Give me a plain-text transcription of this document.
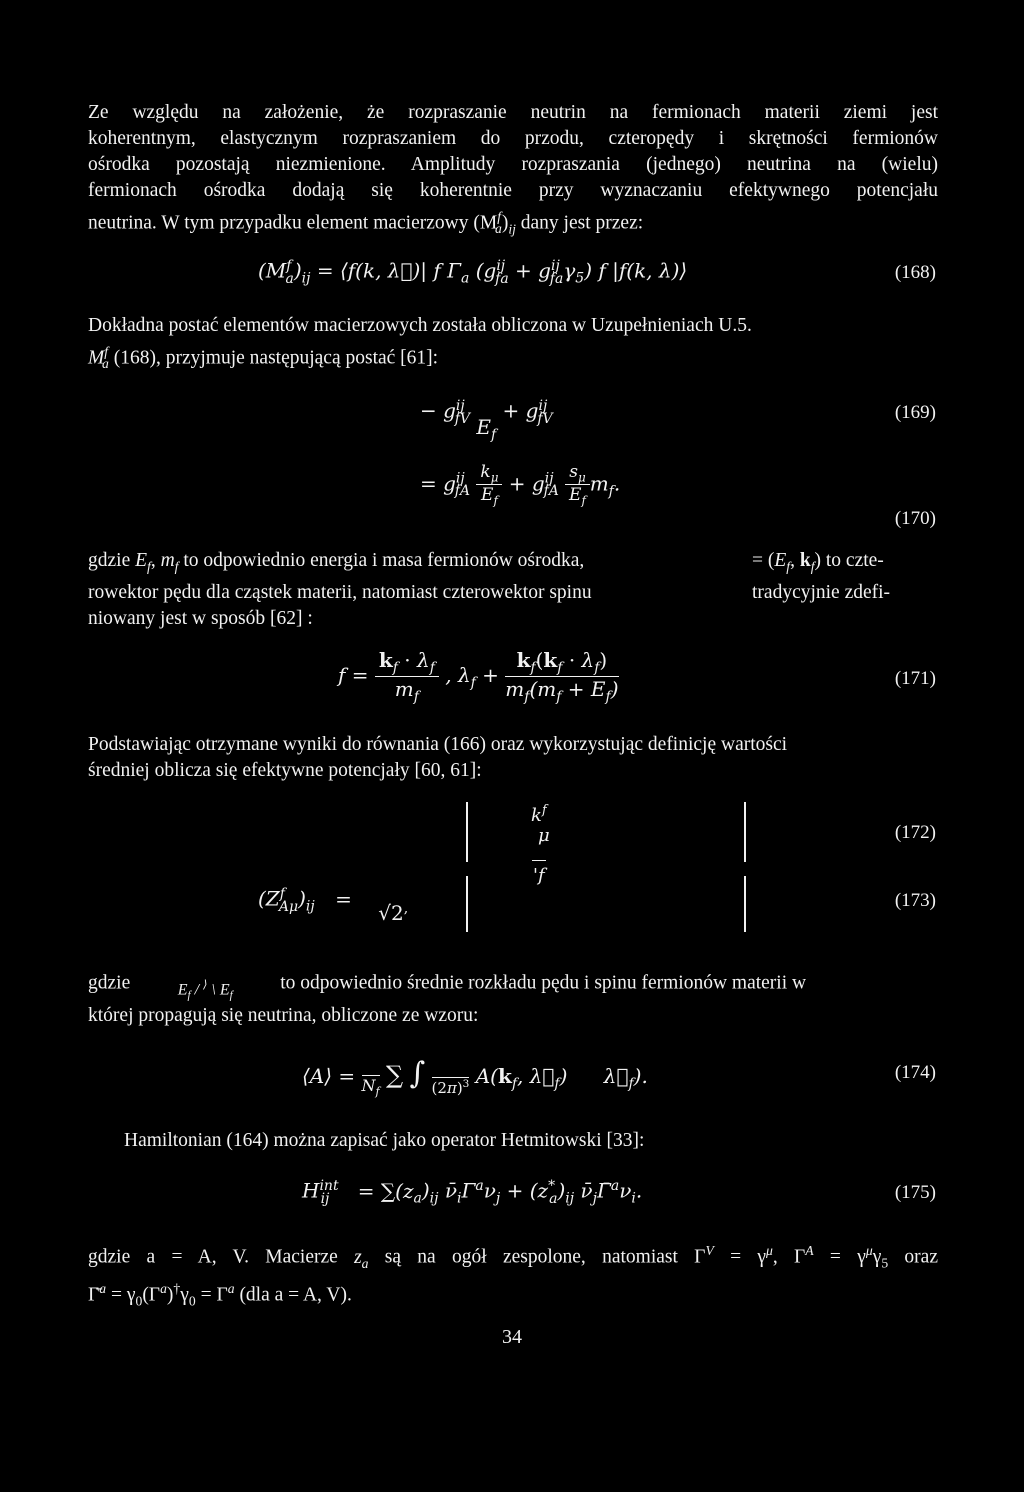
Ze względu na założenie, że rozpraszanie neutrin na fermionach materii ziemi jest
koherentnym, elastycznym rozpraszaniem do przodu, czteropędy i skrętności fermionów
ośrodka pozostają niezmienione. Amplitudy rozpraszania (jednego) neutrina na (wielu)
fermionach ośrodka dodają się koherentnie przy wyznaczaniu efektywnego potencjału
neutrina. W tym przypadku element macierzowy $(M^f_a)_{ij}$ dany jest przez:
$(M^f_a)_{ij}$ = ⟨f(k, λ⃗)| f $\Gamma_a$ $(g^{ij}_{fa} + g^{ij}_{fa}\gamma_5)$ f |f(k, λ)⟩	(168)
Dokładna postać elementów macierzowych została obliczona w Uzupełnieniach U.5.
$M^f_a$ (168), przyjmuje następującą postać [61]:
− $g^{ij}_{fV}$ $E_f + g^{ij}_{fV}$	(169)
= $g^{ij}_{fA} \frac{k_\mu}{E_f} + g^{ij}_{fA} \frac{s_\mu}{E_f} m_f$.
(170)
gdzie $E_f$, $m_f$ to odpowiednio energia i masa fermionów ośrodka,
rowektor pędu dla cząstek materii, natomiast czterowektor spinu
niowany jest w sposób [62] :
= ($E_f$, $k_f$) to czte-
tradycyjnie zdefi-
$f = \frac{k_f \cdot \lambda_f}{m_f}$ , $\lambda_f + \frac{k_f(k_f \cdot \lambda_f)}{m_f(m_f + E_f)}$	(171)
Podstawiając otrzymane wyniki do równania (166) oraz wykorzystując definicję wartości
średniej oblicza się efektywne potencjały [60, 61]:
$k^f$
μ

'f
(172)
$(Z^f_{A\mu})_{ij} = √2^,$	(173)
gdzie	$E_f / ^⟩$ \ $E_fto$ odpowiednio średnie rozkładu pędu i spinu fermionów materii w
której propagują się neutrina, obliczone ze wzoru:
⟨A⟩ =
$N_f$
∑ ∫
$(2\pi)^3$ $A(k_f$, $\lambda⃗_f$) $\lambda⃗_f$).	(174)
Hamiltonian (164) można zapisać jako operator Hetmitowski [33]:
$H^{int}_{ij} = \sum(z_a)_{ij}$ $\nū_i\Gamma^a\nu_j + (z^*_a)_{ij}$ $\nū_j\Gammā^a\nu_i$.	(175)
gdzie a = A, V. Macierze $z_a$ są na ogół zespolone, natomiast $\Gamma^V = \gamma^\mu$, $\Gamma^A = \gamma^\mu\gamma_5$ oraz
Γ̄$^a$ = $\gamma_0(\Gamma^a)^\dagger\gamma_0 = \Gamma^a$ (dla a = A, V).
34
